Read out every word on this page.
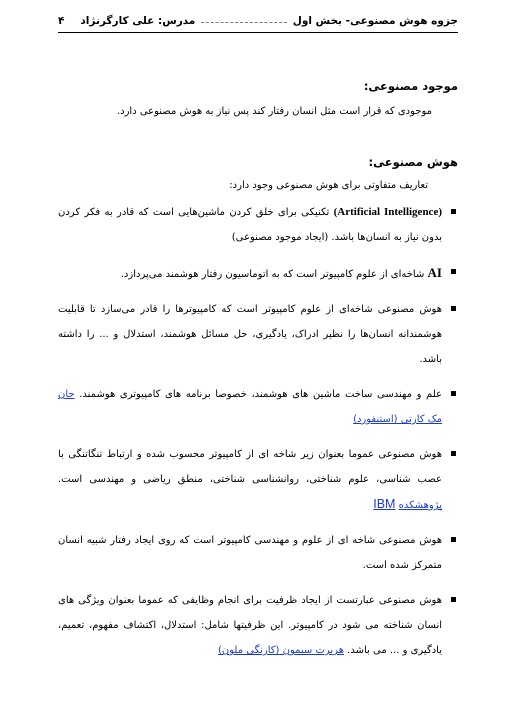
جزوه هوش مصنوعی- بخش اول
مدرس: علی کارگرنژاد
۴

موجود مصنوعی:

موجودی که قرار است مثل انسان رفتار کند پس نیاز به هوش مصنوعی دارد.

هوش مصنوعی:

تعاریف متفاوتی برای هوش مصنوعی وجود دارد:

(Artificial Intelligence) تکنیکی برای خلق کردن ماشین‌هایی است که قادر به فکر کردن بدون نیاز به انسان‌ها باشد. (ایجاد موجود مصنوعی)
AI شاخه‌ای از علوم کامپیوتر است که به اتوماسیون رفتار هوشمند می‌پردازد.
هوش مصنوعی شاخه‌ای از علوم کامپیوتر است که کامپیوترها را قادر می‌سازد تا قابلیت هوشمندانه انسان‌ها را نظیر ادراک، یادگیری، حل مسائل هوشمند، استدلال و ... را داشته باشد.
علم و مهندسی ساخت ماشین های هوشمند، خصوصا برنامه های کامپیوتری هوشمند. جان مک کارتی (استنفورد)
هوش مصنوعی عموما بعنوان زیر شاخه ای از کامپیوتر محسوب شده و ارتباط تنگاتنگی با عصب شناسی، علوم شناختی، روانشناسی شناختی، منطق ریاضی و مهندسی است. پژوهشکده IBM
هوش مصنوعی شاخه ای از علوم و مهندسی کامپیوتر است که روی ایجاد رفتار شبیه انسان متمرکز شده است.
هوش مصنوعی عبارتست از ایجاد ظرفیت برای انجام وظایفی که عموما بعنوان ویژگی های انسان شناخته می شود در کامپیوتر. این ظرفیتها شامل: استدلال، اکتشاف مفهوم، تعمیم، یادگیری و ... می باشد. هربرت سیمون (کارنگی ملون)
